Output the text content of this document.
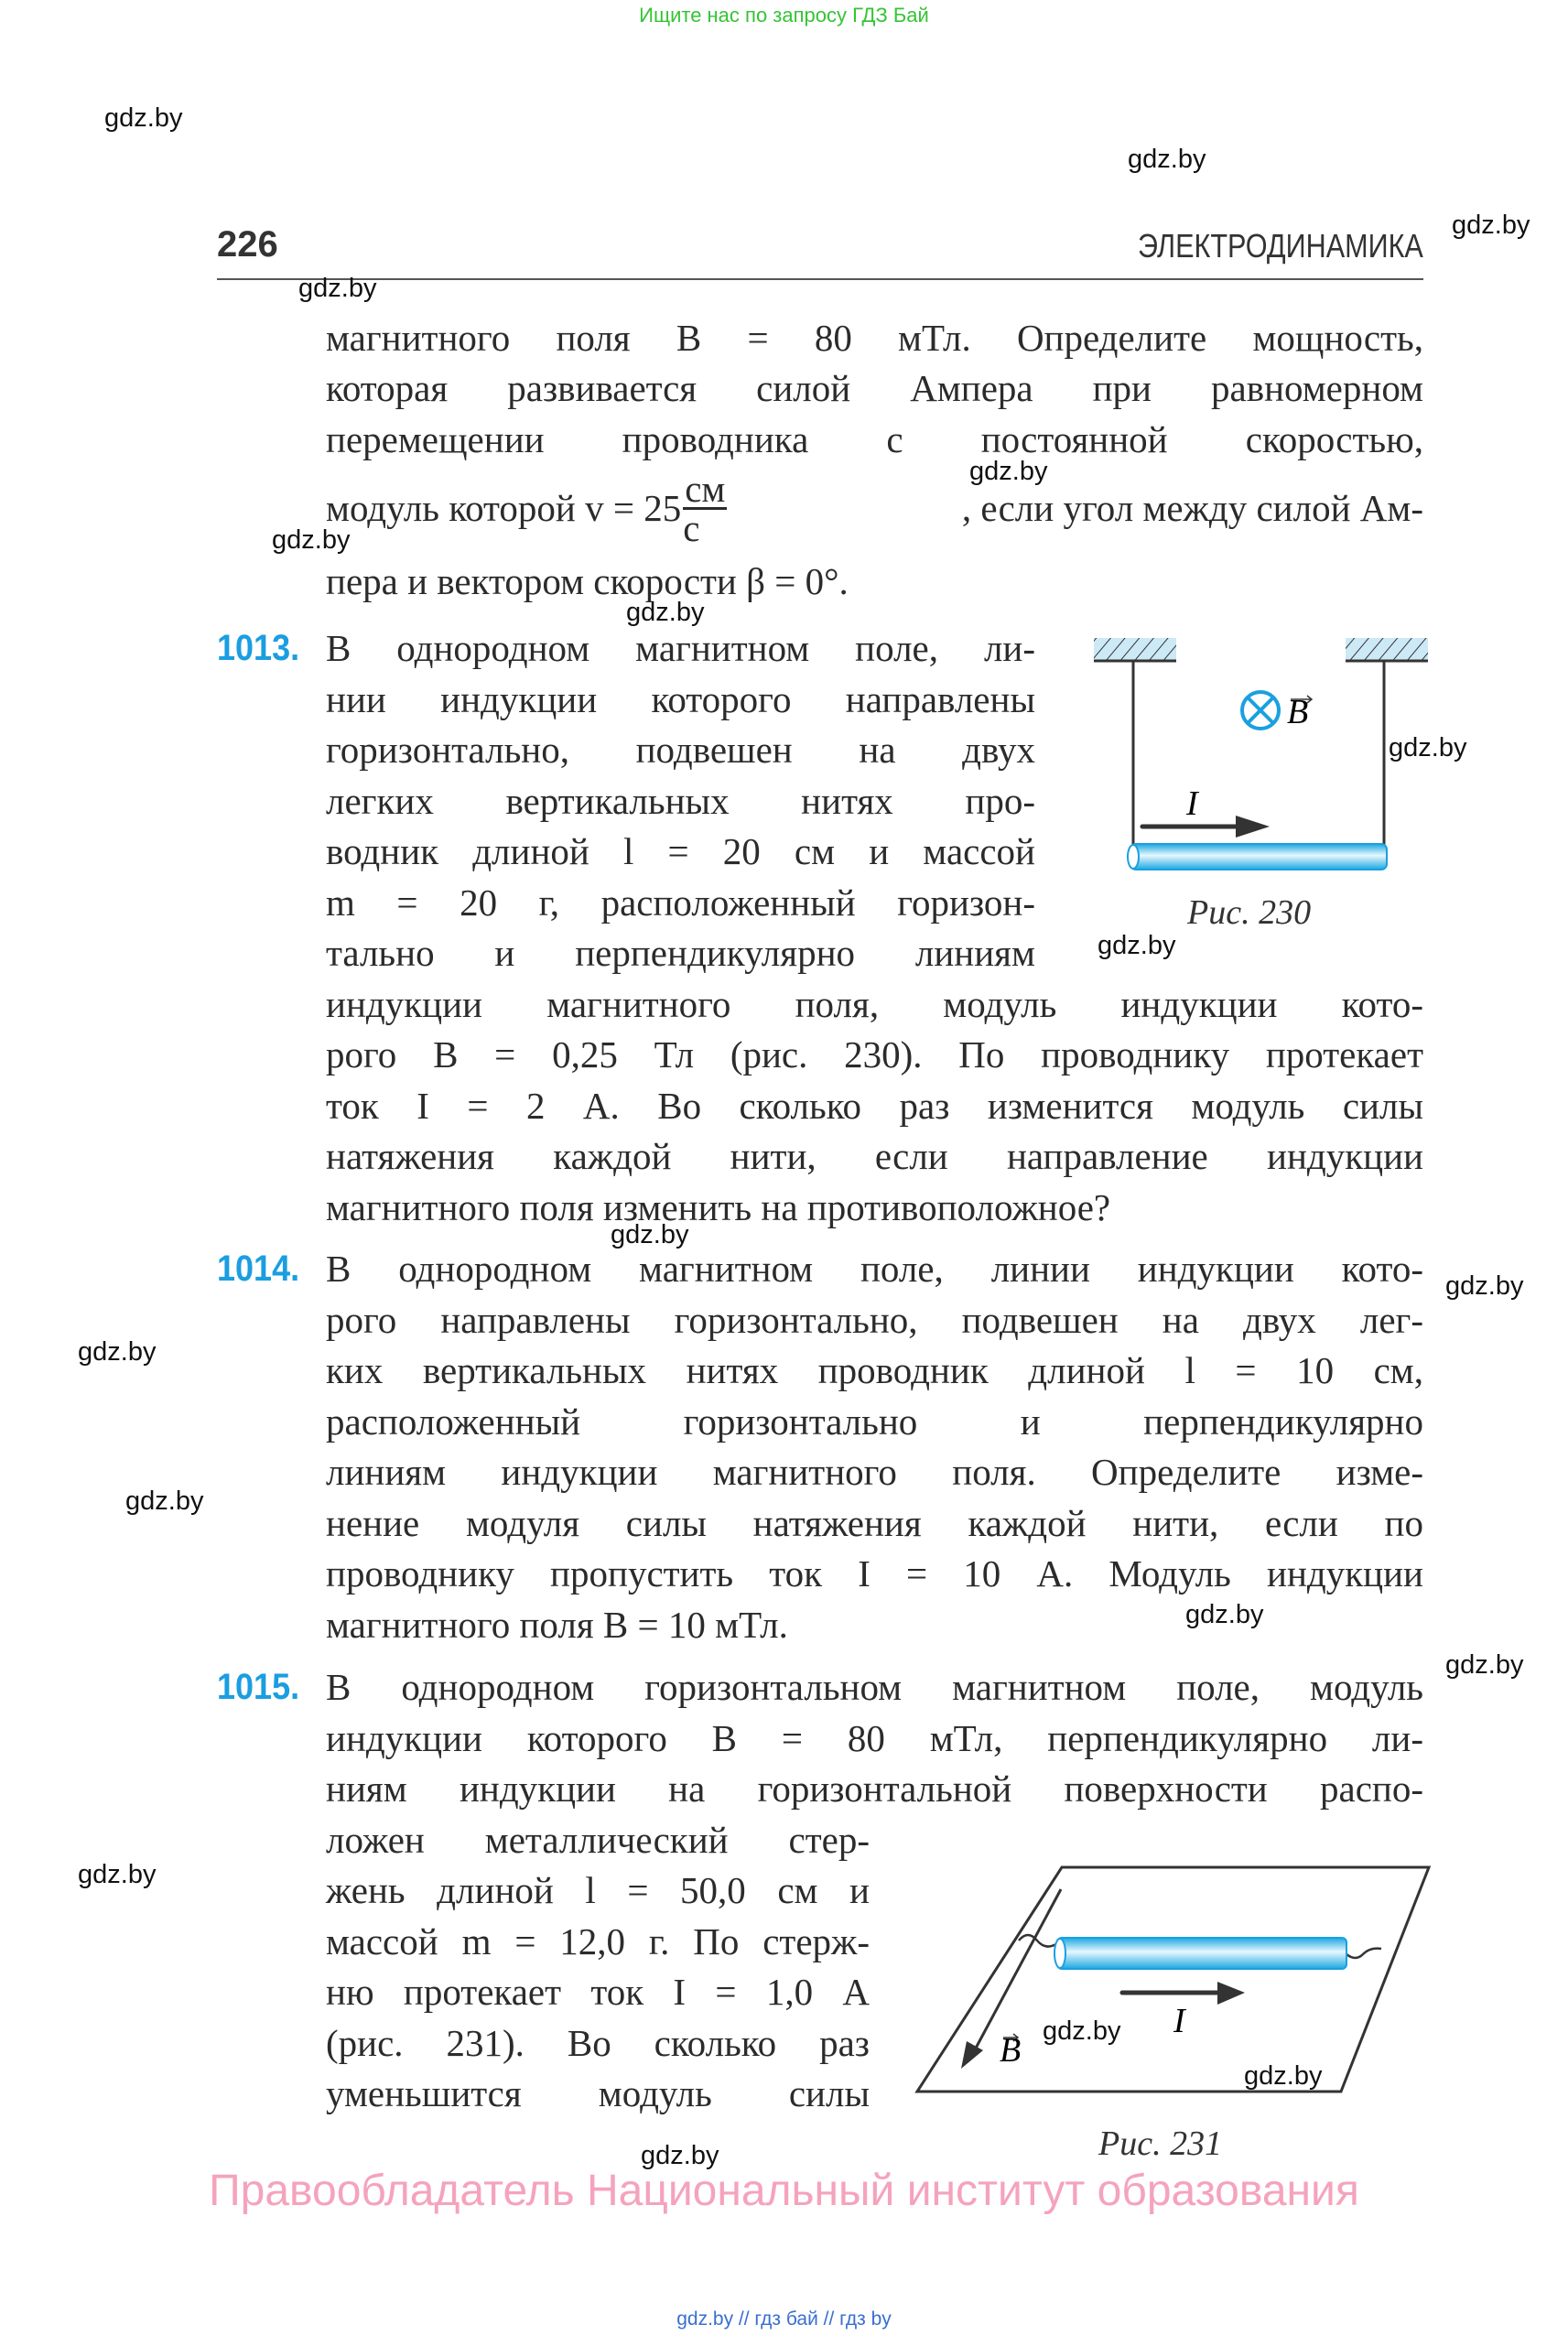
Ищите нас по запросу ГДЗ Бай
226	ЭЛЕКТРОДИНАМИКА
магнитного поля B = 80 мТл. Определите мощность,
которая развивается силой Ампера при равномерном
перемещении проводника с постоянной скоростью,
модуль которой $v = 25 \frac{см}{с}$	, если угол между силой Ам-
пера и вектором скорости β = 0°.
1013. В однородном магнитном поле, ли-
нии индукции которого направлены
горизонтально, подвешен на двух
легких вертикальных нитях про-
водник длиной l = 20 см и массой
m = 20 г, расположенный горизон-
тально и перпендикулярно линиям
индукции магнитного поля, модуль индукции кото-
рого B = 0,25 Тл (рис. 230). По проводнику протекает
ток I = 2 А. Во сколько раз изменится модуль силы
натяжения каждой нити, если направление индукции
магнитного поля изменить на противоположное?
1014. В однородном магнитном поле, линии индукции кото-
рого направлены горизонтально, подвешен на двух лег-
ких вертикальных нитях проводник длиной l = 10 см,
расположенный горизонтально и перпендикулярно
линиям индукции магнитного поля. Определите изме-
нение модуля силы натяжения каждой нити, если по
проводнику пропустить ток I = 10 А. Модуль индукции
магнитного поля B = 10 мТл.
1015. В однородном горизонтальном магнитном поле, модуль
индукции которого B = 80 мТл, перпендикулярно ли-
ниям индукции на горизонтальной поверхности распо-
ложен металлический стер-
жень длиной l = 50,0 см и
массой m = 12,0 г. По стерж-
ню протекает ток I = 1,0 А
(рис. 231). Во сколько раз
уменьшится модуль силы
B
I
Рис. 230
B
I
Рис. 231
Правообладатель Национальный институт образования
gdz.by // гдз бай // гдз by
gdz.by
gdz.by
gdz.by
gdz.by
gdz.by
gdz.by
gdz.by
gdz.by
gdz.by
gdz.by
gdz.by
gdz.by
gdz.by
gdz.by
gdz.by
gdz.by
gdz.by
gdz.by
gdz.by
